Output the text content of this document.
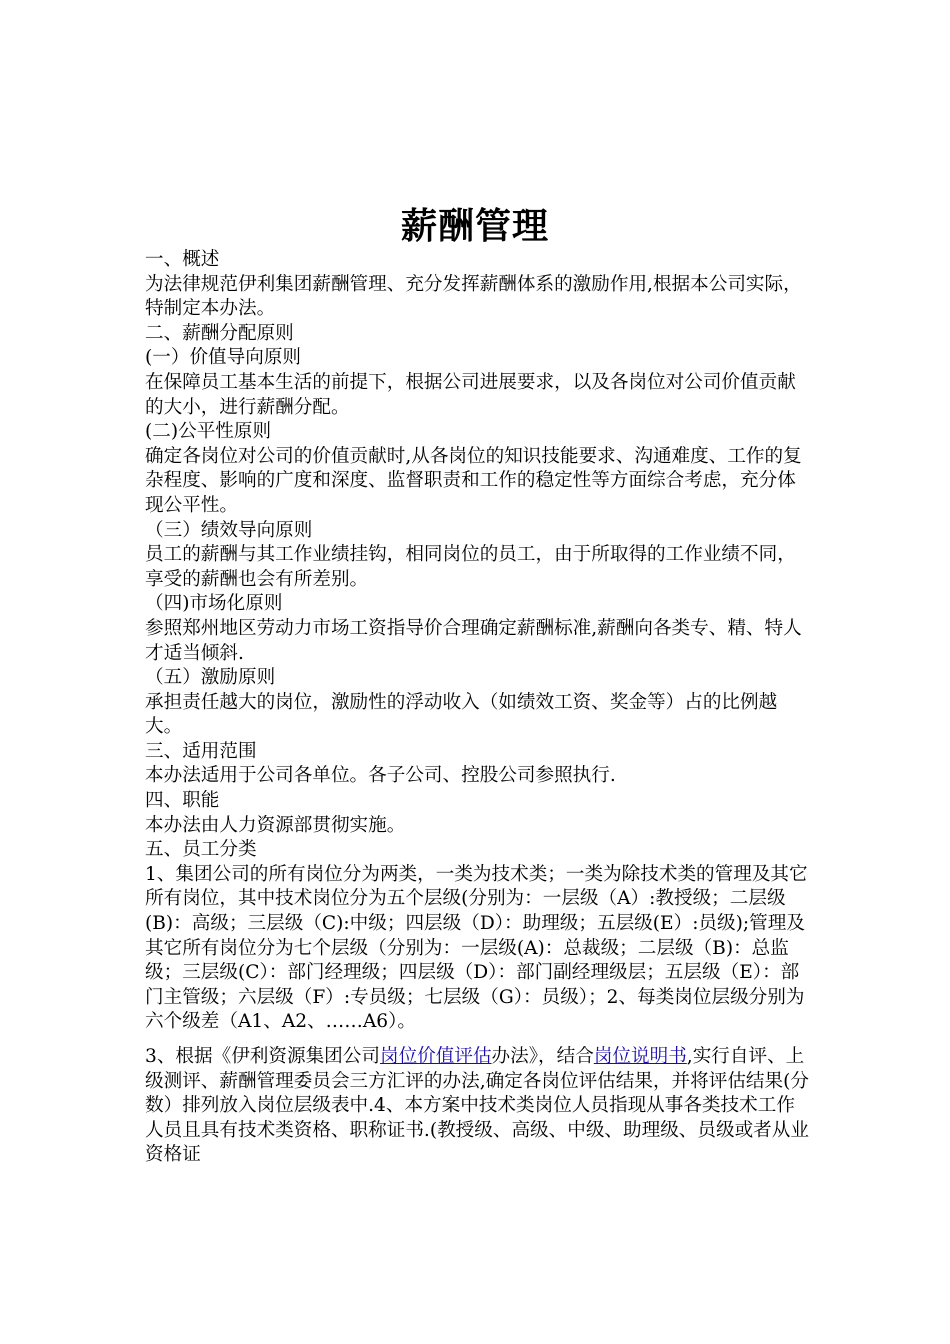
薪酬管理

一、概述

为法律规范伊利集团薪酬管理、充分发挥薪酬体系的激励作用,根据本公司实际，特制定本办法。

二、薪酬分配原则

(一）价值导向原则

在保障员工基本生活的前提下，根据公司进展要求，以及各岗位对公司价值贡献的大小，进行薪酬分配。

(二)公平性原则

确定各岗位对公司的价值贡献时,从各岗位的知识技能要求、沟通难度、工作的复杂程度、影响的广度和深度、监督职责和工作的稳定性等方面综合考虑，充分体现公平性。

（三）绩效导向原则

员工的薪酬与其工作业绩挂钩，相同岗位的员工，由于所取得的工作业绩不同，享受的薪酬也会有所差别。

（四)市场化原则

参照郑州地区劳动力市场工资指导价合理确定薪酬标准,薪酬向各类专、精、特人才适当倾斜.

（五）激励原则

承担责任越大的岗位，激励性的浮动收入（如绩效工资、奖金等）占的比例越大。

三、适用范围

本办法适用于公司各单位。各子公司、控股公司参照执行.

四、职能

本办法由人力资源部贯彻实施。

五、员工分类

1、集团公司的所有岗位分为两类，一类为技术类；一类为除技术类的管理及其它所有岗位，其中技术岗位分为五个层级(分别为：一层级（A）:教授级；二层级(B)：高级；三层级（C):中级；四层级（D）：助理级；五层级(E）:员级);管理及其它所有岗位分为七个层级（分别为：一层级(A)：总裁级；二层级（B)：总监级；三层级(C）：部门经理级；四层级（D）：部门副经理级层；五层级（E）：部门主管级；六层级（F）:专员级；七层级（G）：员级）；2、每类岗位层级分别为六个级差（A1、A2、……A6）。

3、根据《伊利资源集团公司岗位价值评估办法》，结合岗位说明书,实行自评、上级测评、薪酬管理委员会三方汇评的办法,确定各岗位评估结果，并将评估结果(分数）排列放入岗位层级表中.4、本方案中技术类岗位人员指现从事各类技术工作人员且具有技术类资格、职称证书.(教授级、高级、中级、助理级、员级或者从业资格证
